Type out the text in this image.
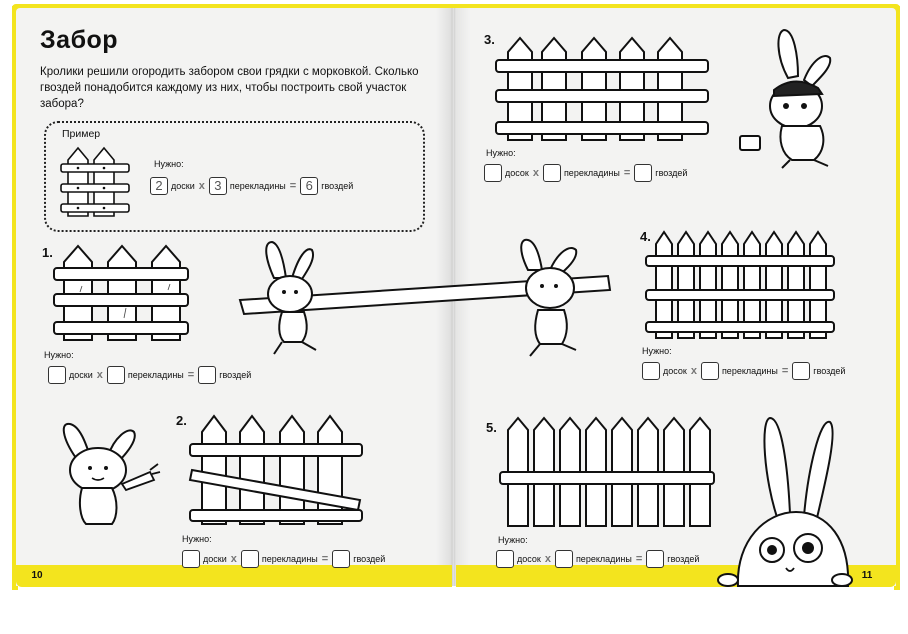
10	11
Забор
Кролики решили огородить забором свои грядки с морковкой. Сколько гвоздей понадобится каждому из них, чтобы построить свой участок забора?
Пример
Нужно:
2 доски x 3 перекладины = 6 гвоздей
1.
Нужно:
доски x	перекладины =	гвоздей
2.
Нужно:
доски x	перекладины =	гвоздей
3.
Нужно:
досок x	перекладины =	гвоздей
4.
Нужно:
досок x	перекладины =	гвоздей
5.
Нужно:
досок x	перекладины =	гвоздей
